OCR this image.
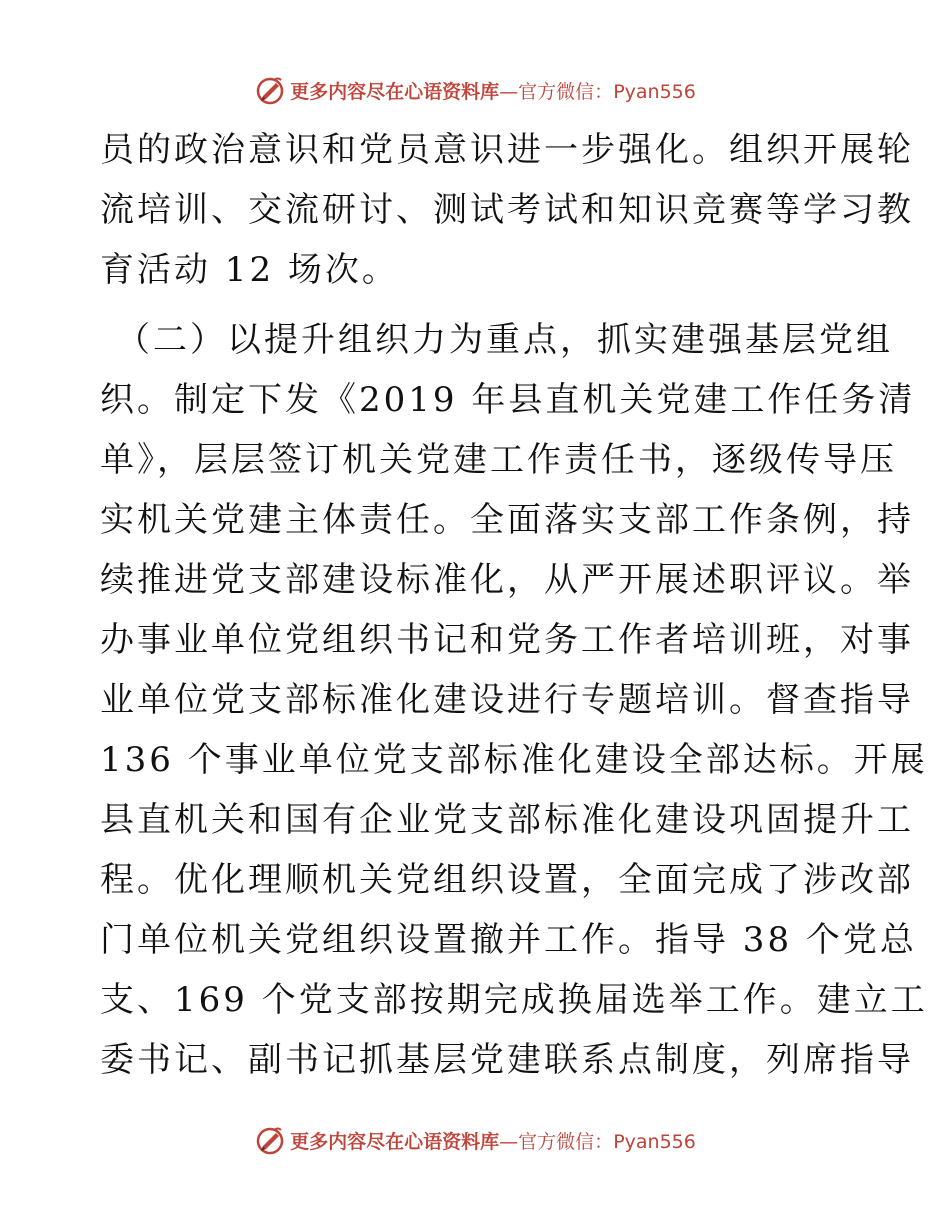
更多内容尽在心语资料库—官方微信：Pyan556
员的政治意识和党员意识进一步强化。组织开展轮
流培训、交流研讨、测试考试和知识竞赛等学习教
育活动 12 场次。
（二）以提升组织力为重点，抓实建强基层党组
织。制定下发《2019 年县直机关党建工作任务清
单》，层层签订机关党建工作责任书，逐级传导压
实机关党建主体责任。全面落实支部工作条例，持
续推进党支部建设标准化，从严开展述职评议。举
办事业单位党组织书记和党务工作者培训班，对事
业单位党支部标准化建设进行专题培训。督查指导
136 个事业单位党支部标准化建设全部达标。开展
县直机关和国有企业党支部标准化建设巩固提升工
程。优化理顺机关党组织设置，全面完成了涉改部
门单位机关党组织设置撤并工作。指导 38 个党总
支、169 个党支部按期完成换届选举工作。建立工
委书记、副书记抓基层党建联系点制度，列席指导
更多内容尽在心语资料库—官方微信：Pyan556
